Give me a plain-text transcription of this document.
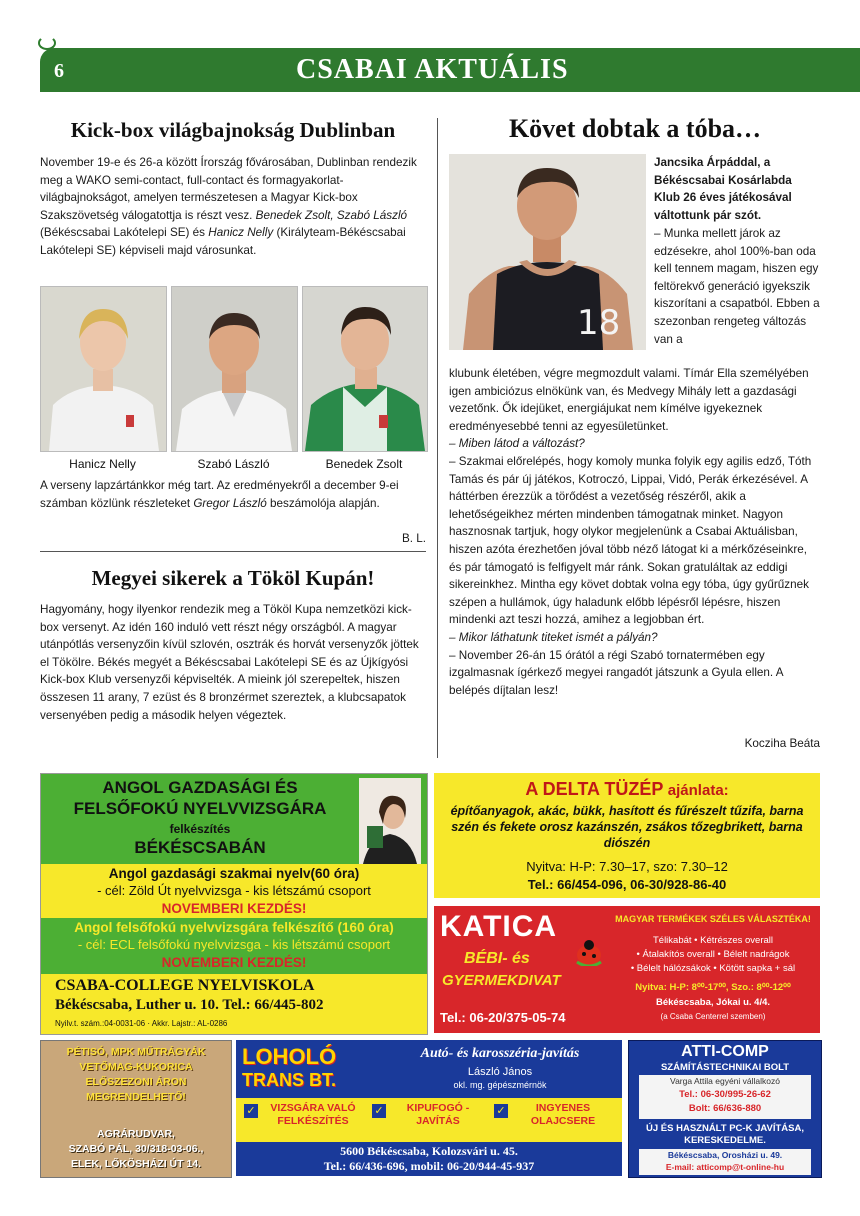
6	CSABAI AKTUÁLIS
Kick-box világbajnokság Dublinban

November 19-e és 26-a között Írország fővárosában, Dublinban rendezik meg a WAKO semi-contact, full-contact és formagyakorlat-világbajnokságot, amelyen természetesen a Magyar Kick-box Szakszövetség válogatottja is részt vesz. Benedek Zsolt, Szabó László (Békéscsabai Lakótelepi SE) és Hanicz Nelly (Királyteam-Békéscsabai Lakótelepi SE) képviseli majd városunkat.

Hanicz Nelly	Szabó László	Benedek Zsolt

A verseny lapzártánkkor még tart. Az eredményekről a december 9-ei számban közlünk részleteket Gregor László beszámolója alapján.

B. L.
Megyei sikerek a Tököl Kupán!
Hagyomány, hogy ilyenkor rendezik meg a Tököl Kupa nemzetközi kick-box versenyt. Az idén 160 induló vett részt négy országból. A magyar utánpótlás versenyzőin kívül szlovén, osztrák és horvát versenyzők jöttek el Tökölre. Békés megyét a Békéscsabai Lakótelepi SE és az Újkígyósi Kick-box Klub versenyzői képviselték. A mieink jól szerepeltek, hiszen összesen 11 arany, 7 ezüst és 8 bronzérmet szereztek, a klubcsapatok versenyében pedig a második helyen végeztek.
Követ dobtak a tóba…
18

Jancsika Árpáddal, a Békéscsabai Kosárlabda Klub 26 éves játékosával váltottunk pár szót.

– Munka mellett járok az edzésekre, ahol 100%-ban oda kell tennem magam, hiszen egy feltörekvő generáció igyekszik kiszorítani a csapatból. Ebben a szezonban rengeteg változás van a

klubunk életében, végre megmozdult valami. Tímár Ella személyében igen ambiciózus elnökünk van, és Medvegy Mihály lett a gazdasági vezetőnk. Ők idejüket, energiájukat nem kímélve igyekeznek eredményesebbé tenni az egyesületünket.

– Miben látod a változást?

– Szakmai előrelépés, hogy komoly munka folyik egy agilis edző, Tóth Tamás és pár új játékos, Kotroczó, Lippai, Vidó, Perák érkezésével. A háttérben érezzük a törődést a vezetőség részéről, akik a lehetőségeikhez mérten mindenben támogatnak minket. Nagyon hasznosnak tartjuk, hogy olykor megjelenünk a Csabai Aktuálisban, hiszen azóta érezhetően jóval több néző látogat ki a mérkőzéseinkre, és pár támogató is felfigyelt már ránk. Sokan gratuláltak az eddigi sikereinkhez. Mintha egy követ dobtak volna egy tóba, úgy gyűrűznek szépen a hullámok, úgy haladunk előbb lépésről lépésre, hiszen mindenki azt teszi hozzá, amihez a legjobban ért.

– Mikor láthatunk titeket ismét a pályán?

– November 26-án 15 órától a régi Szabó tornatermében egy izgalmasnak ígérkező megyei rangadót játszunk a Gyula ellen. A belépés díjtalan lesz!

Kocziha Beáta
ANGOL GAZDASÁGI ÉS
FELSŐFOKÚ NYELVVIZSGÁRA
felkészítés
BÉKÉSCSABÁN
Angol gazdasági szakmai nyelv(60 óra)
- cél: Zöld Út nyelvvizsga - kis létszámú csoport
NOVEMBERI KEZDÉS!
Angol felsőfokú nyelvvizsgára felkészítő (160 óra)
- cél: ECL felsőfokú nyelvvizsga - kis létszámú csoport
NOVEMBERI KEZDÉS!
CSABA-COLLEGE NYELVISKOLA
Békéscsaba, Luther u. 10. Tel.: 66/445-802
Nyilv.t. szám.:04-0031-06 · Akkr. Lajstr.: AL-0286
A DELTA TÜZÉP ajánlata:
építőanyagok, akác, bükk, hasított és fűrészelt tűzifa, barna szén és fekete orosz kazánszén, zsákos tőzegbrikett, barna diószén
Nyitva: H-P: 7.30–17, szo: 7.30–12
Tel.: 66/454-096, 06-30/928-86-40
KATICA
BÉBI- és
GYERMEKDIVAT
Tel.: 06-20/375-05-74
MAGYAR TERMÉKEK SZÉLES VÁLASZTÉKA!
Télikabát • Kétrészes overall
• Átalakítós overall • Bélelt nadrágok
• Bélelt hálózsákok • Kötött sapka + sál
Nyitva: H-P: 8⁰⁰-17⁰⁰, Szo.: 8⁰⁰-12⁰⁰
Békéscsaba, Jókai u. 4/4.
(a Csaba Centerrel szemben)
PÉTISÓ, MPK MŰTRÁGYÁK
VETŐMAG-KUKORICA
ELŐSZEZONI ÁRON
MEGRENDELHETŐ!
AGRÁRUDVAR,
SZABÓ PÁL, 30/318-03-06.,
ELEK, LŐKÖSHÁZI ÚT 14.
LOHOLÓ
TRANS BT.
Autó- és karosszéria-javítás
László János
okl. mg. gépészmérnök
✓	VIZSGÁRA VALÓ FELKÉSZÍTÉS
✓	KIPUFOGÓ -JAVÍTÁS
✓	INGYENES OLAJCSERE
5600 Békéscsaba, Kolozsvári u. 45.
Tel.: 66/436-696, mobil: 06-20/944-45-937
ATTI-COMP
SZÁMÍTÁSTECHNIKAI BOLT
Varga Attila egyéni vállalkozó
Tel.: 06-30/995-26-62
Bolt: 66/636-880
ÚJ ÉS HASZNÁLT PC-K JAVÍTÁSA, KERESKEDELME.
Békéscsaba, Orosházi u. 49.
E-mail: atticomp@t-online-hu
